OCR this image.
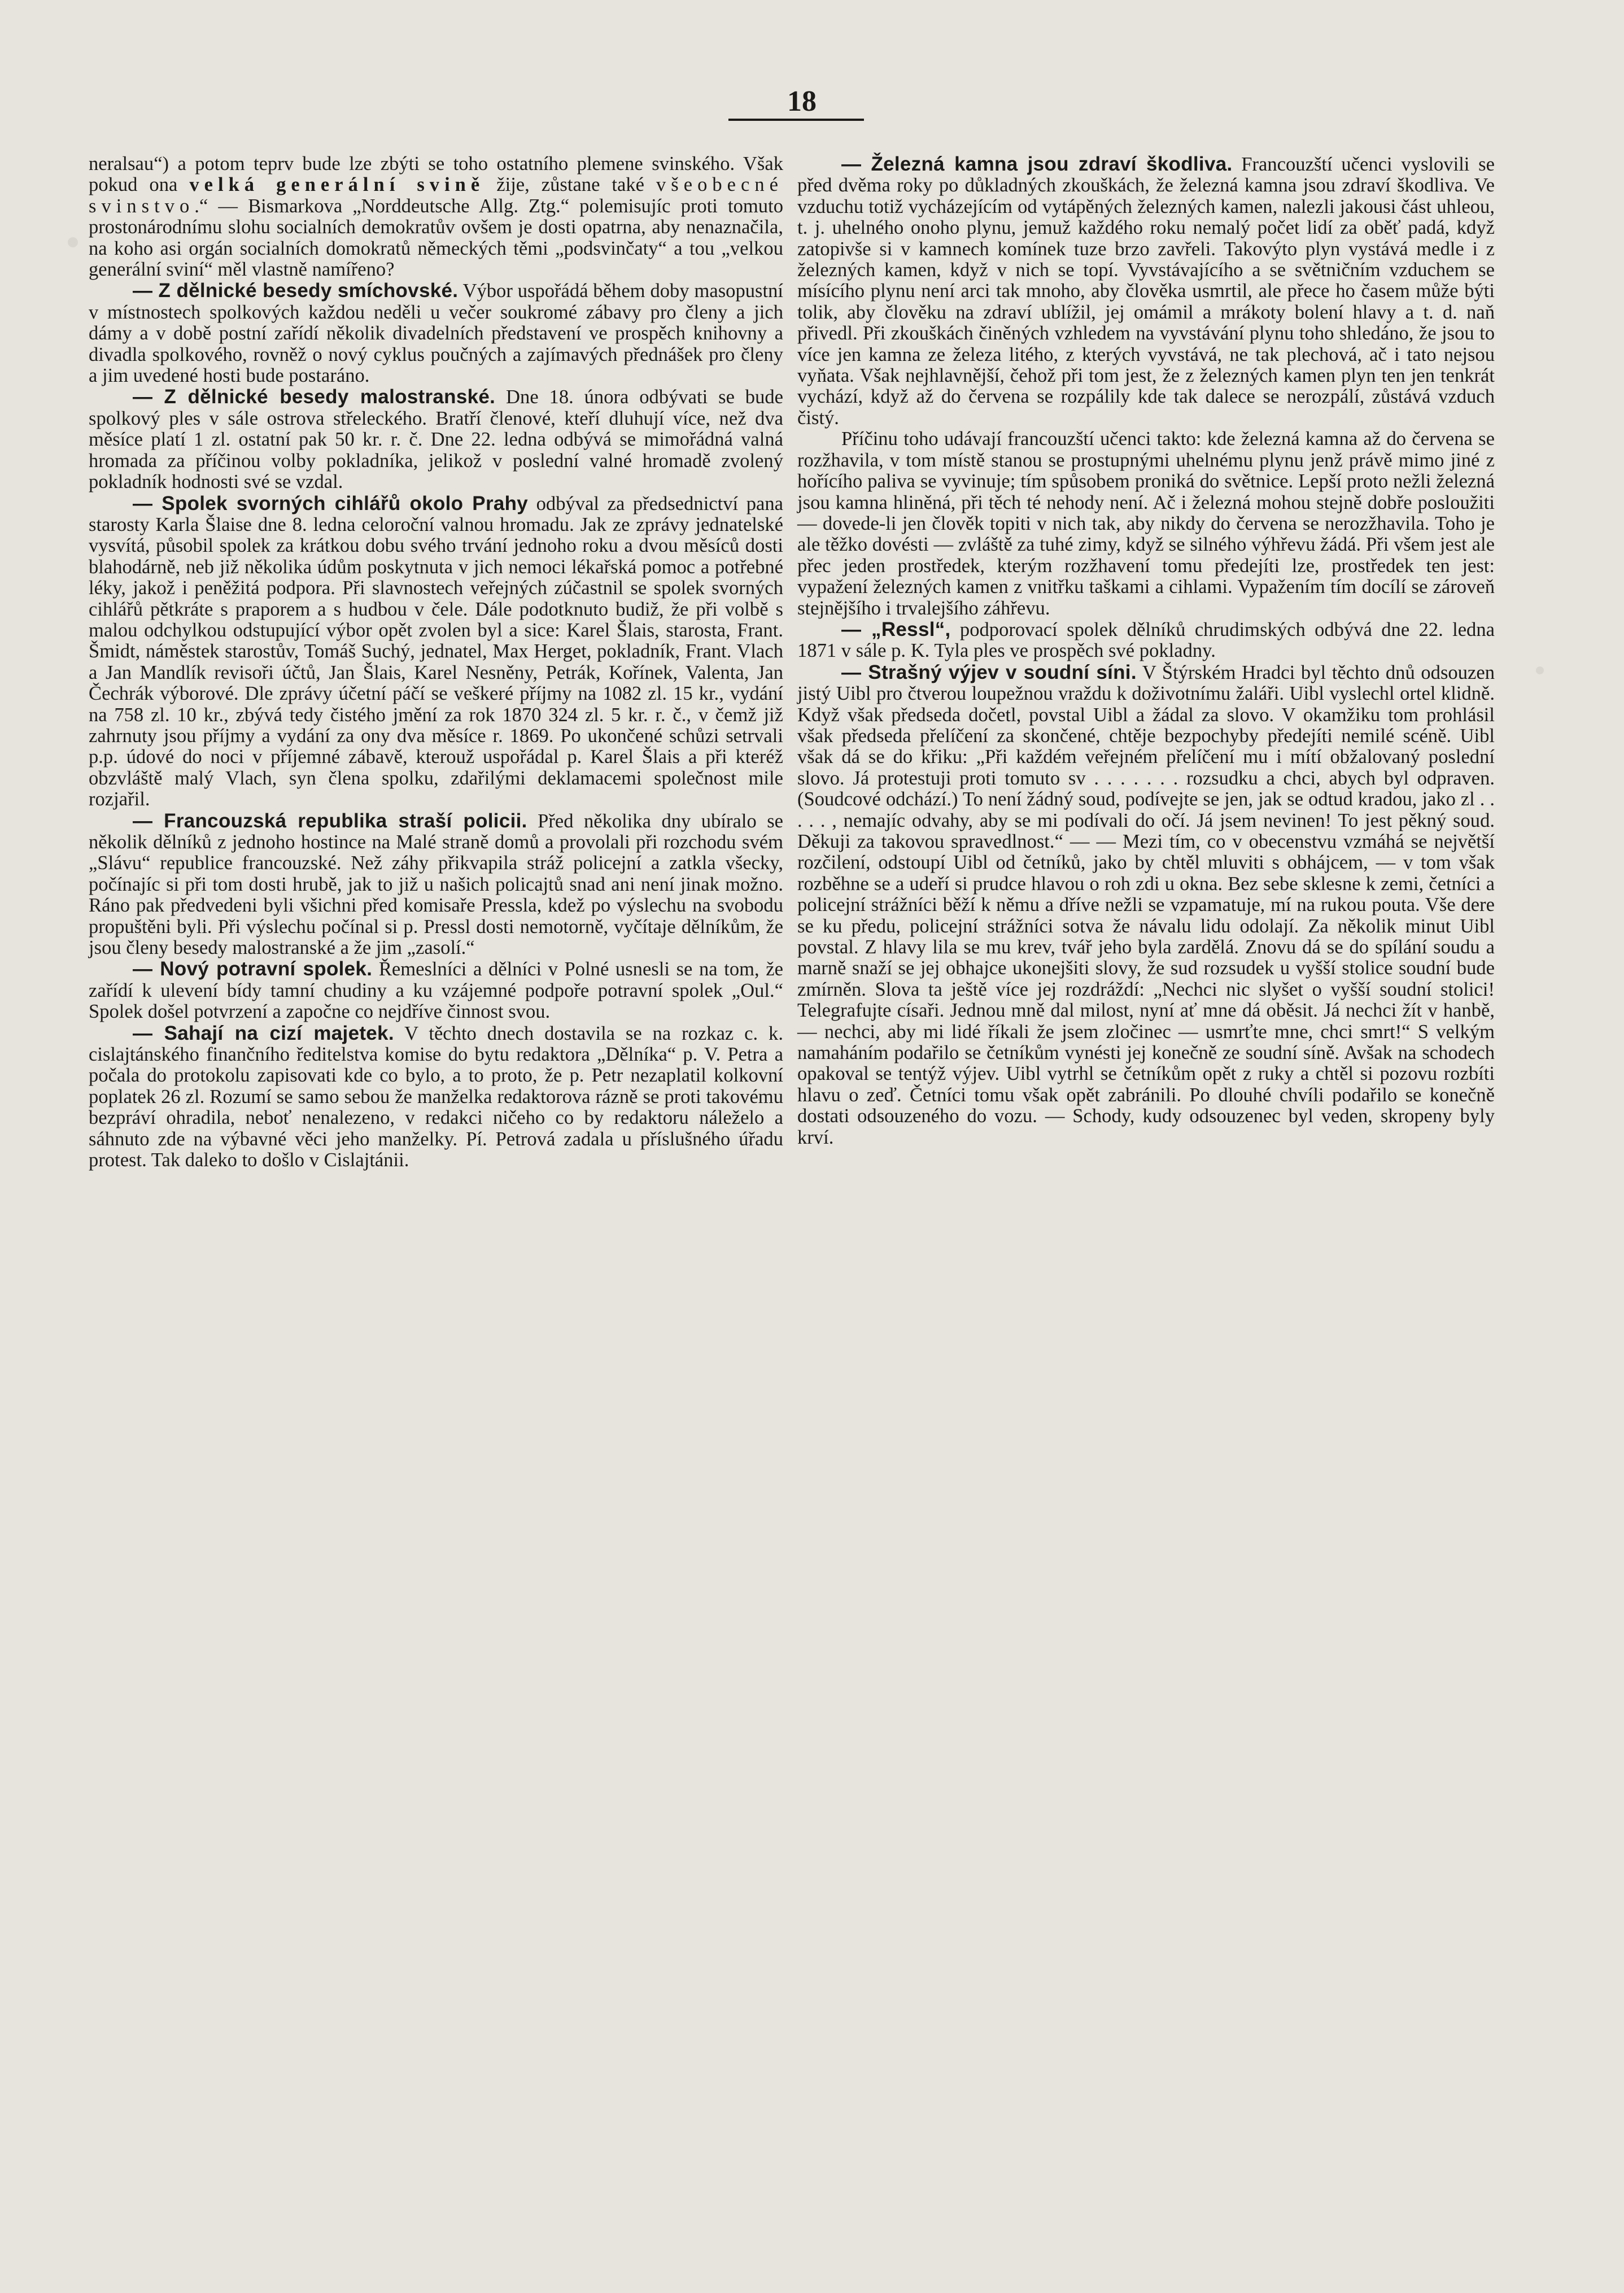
18

neralsau“) a potom teprv bude lze zbýti se toho ostatního plemene svinského. Však pokud ona velká generální svině žije, zůstane také všeobecné svinstvo.“ — Bismarkova „Norddeutsche Allg. Ztg.“ polemisujíc proti tomuto prostonárodnímu slohu socialních demokratův ovšem je dosti opatrna, aby nenaznačila, na koho asi orgán socialních domokratů německých těmi „podsvinčaty“ a tou „velkou generální sviní“ měl vlastně namířeno?

— Z dělnické besedy smíchovské. Výbor uspořádá během doby masopustní v místnostech spolkových každou neděli u večer soukromé zábavy pro členy a jich dámy a v době postní zařídí několik divadelních představení ve prospěch knihovny a divadla spolkového, rovněž o nový cyklus poučných a zajímavých přednášek pro členy a jim uvedené hosti bude postaráno.

— Z dělnické besedy malostranské. Dne 18. února odbývati se bude spolkový ples v sále ostrova střeleckého. Bratří členové, kteří dluhují více, než dva měsíce platí 1 zl. ostatní pak 50 kr. r. č. Dne 22. ledna odbývá se mimořádná valná hromada za příčinou volby pokladníka, jelikož v poslední valné hromadě zvolený pokladník hodnosti své se vzdal.

— Spolek svorných cihlářů okolo Prahy odbýval za předsednictví pana starosty Karla Šlaise dne 8. ledna celoroční valnou hromadu. Jak ze zprávy jednatelské vysvítá, působil spolek za krátkou dobu svého trvání jednoho roku a dvou měsíců dosti blahodárně, neb již několika údům poskytnuta v jich nemoci lékařská pomoc a potřebné léky, jakož i peněžitá podpora. Při slavnostech veřejných zúčastnil se spolek svorných cihlářů pětkráte s praporem a s hudbou v čele. Dále podotknuto budiž, že při volbě s malou odchylkou odstupující výbor opět zvolen byl a sice: Karel Šlais, starosta, Frant. Šmidt, náměstek starostův, Tomáš Suchý, jednatel, Max Herget, pokladník, Frant. Vlach a Jan Mandlík revisoři účtů, Jan Šlais, Karel Nesněny, Petrák, Kořínek, Valenta, Jan Čechrák výborové. Dle zprávy účetní páčí se veškeré příjmy na 1082 zl. 15 kr., vydání na 758 zl. 10 kr., zbývá tedy čistého jmění za rok 1870 324 zl. 5 kr. r. č., v čemž již zahrnuty jsou příjmy a vydání za ony dva měsíce r. 1869. Po ukončené schůzi setrvali p.p. údové do noci v příjemné zábavě, kterouž uspořádal p. Karel Šlais a při kteréž obzvláště malý Vlach, syn člena spolku, zdařilými deklamacemi společnost mile rozjařil.

— Francouzská republika straší policii. Před několika dny ubíralo se několik dělníků z jednoho hostince na Malé straně domů a provolali při rozchodu svém „Slávu“ republice francouzské. Než záhy přikvapila stráž policejní a zatkla všecky, počínajíc si při tom dosti hrubě, jak to již u našich policajtů snad ani není jinak možno. Ráno pak předvedeni byli všichni před komisaře Pressla, kdež po výslechu na svobodu propuštěni byli. Při výslechu počínal si p. Pressl dosti nemotorně, vyčítaje dělníkům, že jsou členy besedy malostranské a že jim „zasolí.“

— Nový potravní spolek. Řemeslníci a dělníci v Polné usnesli se na tom, že zařídí k ulevení bídy tamní chudiny a ku vzájemné podpoře potravní spolek „Oul.“ Spolek došel potvrzení a započne co nejdříve činnost svou.

— Sahají na cizí majetek. V těchto dnech dostavila se na rozkaz c. k. cislajtánského finančního ředitelstva komise do bytu redaktora „Dělníka“ p. V. Petra a počala do protokolu zapisovati kde co bylo, a to proto, že p. Petr nezaplatil kolkovní poplatek 26 zl. Rozumí se samo sebou že manželka redaktorova rázně se proti takovému bezpráví ohradila, neboť nenalezeno, v redakci ničeho co by redaktoru náleželo a sáhnuto zde na výbavné věci jeho manželky. Pí. Petrová zadala u příslušného úřadu protest. Tak daleko to došlo v Cislajtánii.

— Železná kamna jsou zdraví škodliva. Francouzští učenci vyslovili se před dvěma roky po důkladných zkouškách, že železná kamna jsou zdraví škodliva. Ve vzduchu totiž vycházejícím od vytápěných železných kamen, nalezli jakousi část uhleou, t. j. uhelného onoho plynu, jemuž každého roku nemalý počet lidí za oběť padá, když zatopivše si v kamnech komínek tuze brzo zavřeli. Takovýto plyn vystává medle i z železných kamen, když v nich se topí. Vyvstávajícího a se světničním vzduchem se mísícího plynu není arci tak mnoho, aby člověka usmrtil, ale přece ho časem může býti tolik, aby člověku na zdraví ublížil, jej omámil a mrákoty bolení hlavy a t. d. naň přivedl. Při zkouškách činěných vzhledem na vyvstávání plynu toho shledáno, že jsou to více jen kamna ze železa litého, z kterých vyvstává, ne tak plechová, ač i tato nejsou vyňata. Však nejhlavnější, čehož při tom jest, že z železných kamen plyn ten jen tenkrát vychází, když až do červena se rozpálily kde tak dalece se nerozpálí, zůstává vzduch čistý.

Příčinu toho udávají francouzští učenci takto: kde železná kamna až do červena se rozžhavila, v tom místě stanou se prostupnými uhelnému plynu jenž právě mimo jiné z hořícího paliva se vyvinuje; tím spůsobem proniká do světnice. Lepší proto nežli železná jsou kamna hliněná, při těch té nehody není. Ač i železná mohou stejně dobře posloužiti — dovede-li jen člověk topiti v nich tak, aby nikdy do červena se nerozžhavila. Toho je ale těžko dovésti — zvláště za tuhé zimy, když se silného výhřevu žádá. Při všem jest ale přec jeden prostředek, kterým rozžhavení tomu předejíti lze, prostředek ten jest: vypažení železných kamen z vnitřku taškami a cihlami. Vypažením tím docílí se zároveň stejnějšího i trvalejšího záhřevu.

— „Ressl“, podporovací spolek dělníků chrudimských odbývá dne 22. ledna 1871 v sále p. K. Tyla ples ve prospěch své pokladny.

— Strašný výjev v soudní síni. V Štýrském Hradci byl těchto dnů odsouzen jistý Uibl pro čtverou loupežnou vraždu k doživotnímu žaláři. Uibl vyslechl ortel klidně. Když však předseda dočetl, povstal Uibl a žádal za slovo. V okamžiku tom prohlásil však předseda přelíčení za skončené, chtěje bezpochyby předejíti nemilé scéně. Uibl však dá se do křiku: „Při každém veřejném přelíčení mu i mítí obžalovaný poslední slovo. Já protestuji proti tomuto sv . . . . . . . rozsudku a chci, abych byl odpraven. (Soudcové odchází.) To není žádný soud, podívejte se jen, jak se odtud kradou, jako zl . . . . . , nemajíc odvahy, aby se mi podívali do očí. Já jsem nevinen! To jest pěkný soud. Děkuji za takovou spravedlnost.“ — — Mezi tím, co v obecenstvu vzmáhá se největší rozčilení, odstoupí Uibl od četníků, jako by chtěl mluviti s obhájcem, — v tom však rozběhne se a udeří si prudce hlavou o roh zdi u okna. Bez sebe sklesne k zemi, četníci a policejní strážníci běží k němu a dříve nežli se vzpamatuje, mí na rukou pouta. Vše dere se ku předu, policejní strážníci sotva že návalu lidu odolají. Za několik minut Uibl povstal. Z hlavy lila se mu krev, tvář jeho byla zardělá. Znovu dá se do spílání soudu a marně snaží se jej obhajce ukonejšiti slovy, že sud rozsudek u vyšší stolice soudní bude zmírněn. Slova ta ještě více jej rozdráždí: „Nechci nic slyšet o vyšší soudní stolici! Telegrafujte císaři. Jednou mně dal milost, nyní ať mne dá oběsit. Já nechci žít v hanbě, — nechci, aby mi lidé říkali že jsem zločinec — usmrťte mne, chci smrt!“ S velkým namaháním podařilo se četníkům vynésti jej konečně ze soudní síně. Avšak na schodech opakoval se tentýž výjev. Uibl vytrhl se četníkům opět z ruky a chtěl si pozovu rozbíti hlavu o zeď. Četníci tomu však opět zabránili. Po dlouhé chvíli podařilo se konečně dostati odsouzeného do vozu. — Schody, kudy odsouzenec byl veden, skropeny byly krví.
